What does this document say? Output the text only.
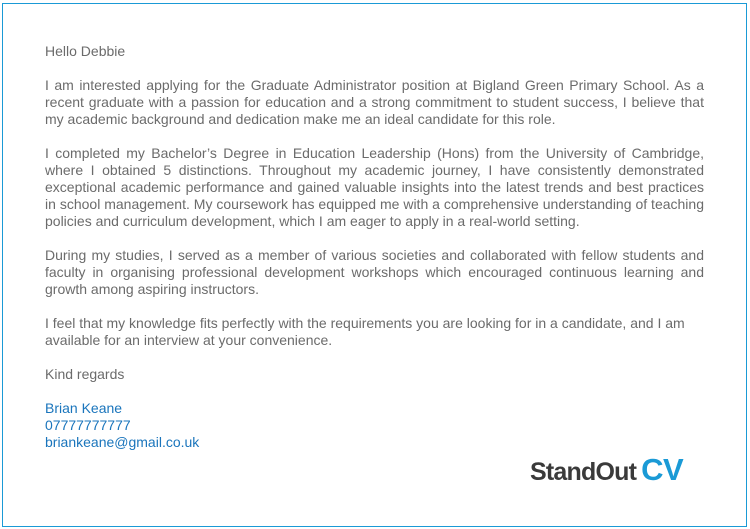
Hello Debbie

I am interested applying for the Graduate Administrator position at Bigland Green Primary School. As a recent graduate with a passion for education and a strong commitment to student success, I believe that my academic background and dedication make me an ideal candidate for this role.

I completed my Bachelor’s Degree in Education Leadership (Hons) from the University of Cambridge, where I obtained 5 distinctions. Throughout my academic journey, I have consistently demonstrated exceptional academic performance and gained valuable insights into the latest trends and best practices in school management. My coursework has equipped me with a comprehensive understanding of teaching policies and curriculum development, which I am eager to apply in a real-world setting.

During my studies, I served as a member of various societies and collaborated with fellow students and faculty in organising professional development workshops which encouraged continuous learning and growth among aspiring instructors.

I feel that my knowledge fits perfectly with the requirements you are looking for in a candidate, and I am available for an interview at your convenience.

Kind regards

Brian Keane
07777777777
briankeane@gmail.co.uk
StandOut CV
